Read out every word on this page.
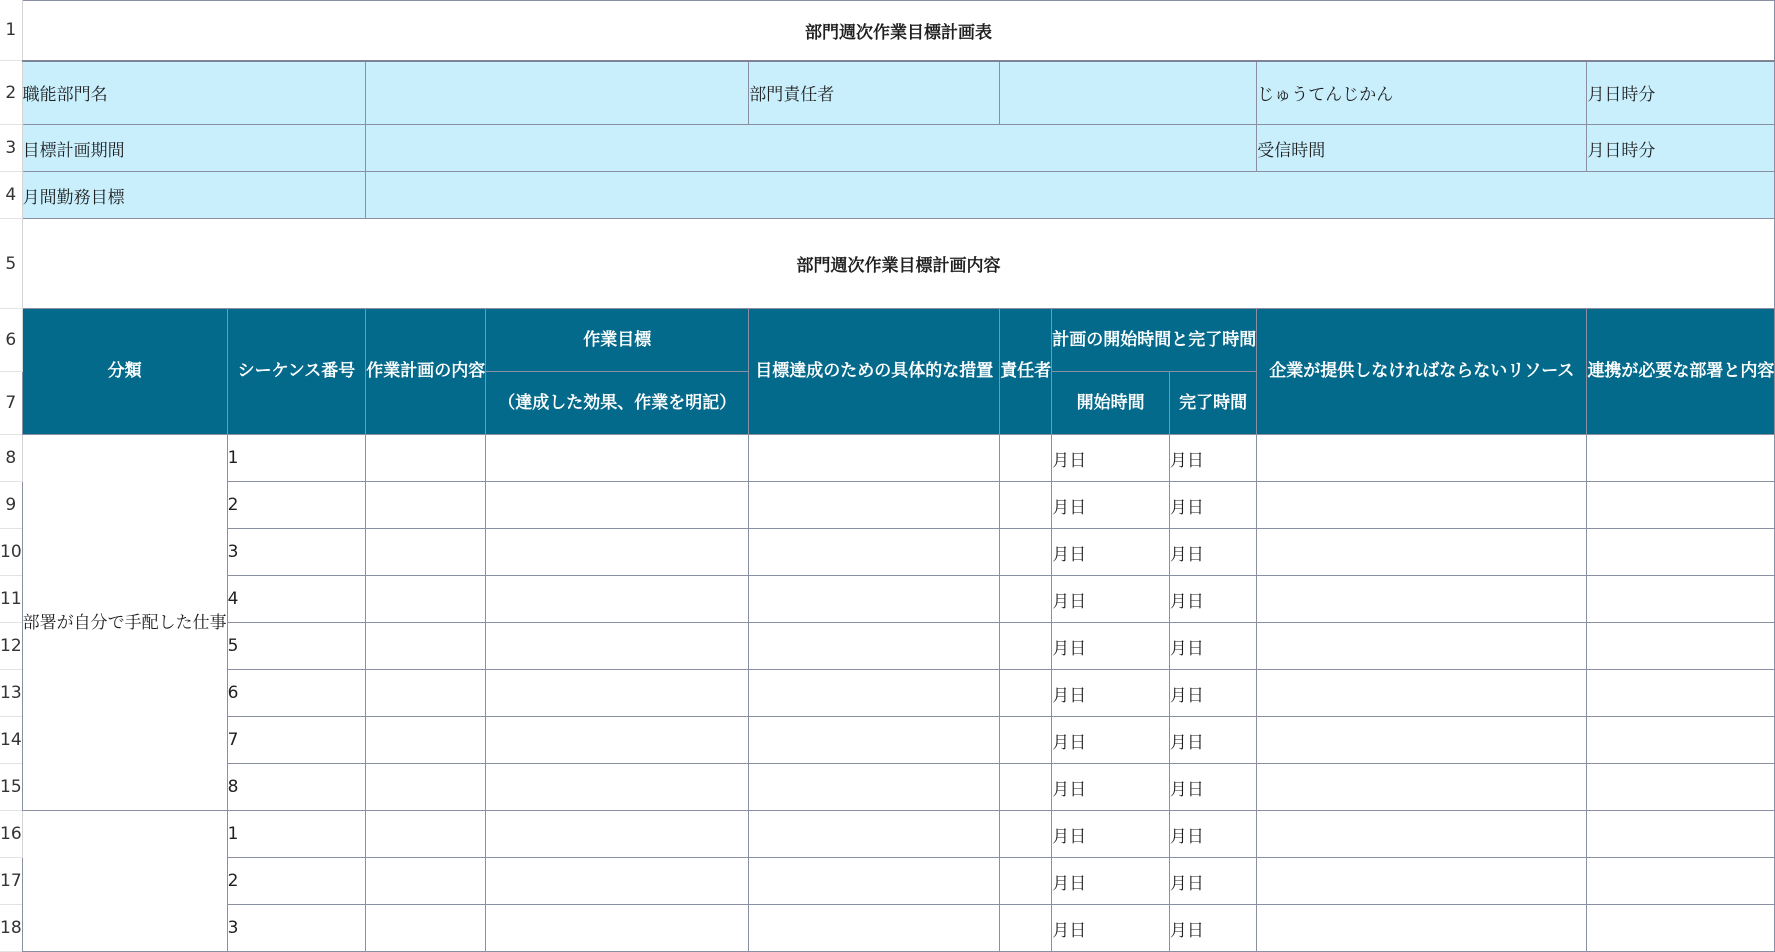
1	部門週次作業目標計画表										
2	職能部門名				部門責任者				じゅうてんじかん	月日時分	
3	目標計画期間								受信時間	月日時分	
4	月間勤務目標										
5	部門週次作業目標計画内容										
6	分類	シーケンス番号	作業計画の内容	作業目標	目標達成のための具体的な措置	責任者	計画の開始時間と完了時間		企業が提供しなければならないリソース	連携が必要な部署と内容	
7				（達成した効果、作業を明記）			開始時間	完了時間			
8	部署が自分で手配した仕事	1					月日	月日			
9		2					月日	月日			
10		3					月日	月日			
11		4					月日	月日			
12		5					月日	月日			
13		6					月日	月日			
14		7					月日	月日			
15		8					月日	月日			
16		1					月日	月日			
17		2					月日	月日			
18		3					月日	月日			
